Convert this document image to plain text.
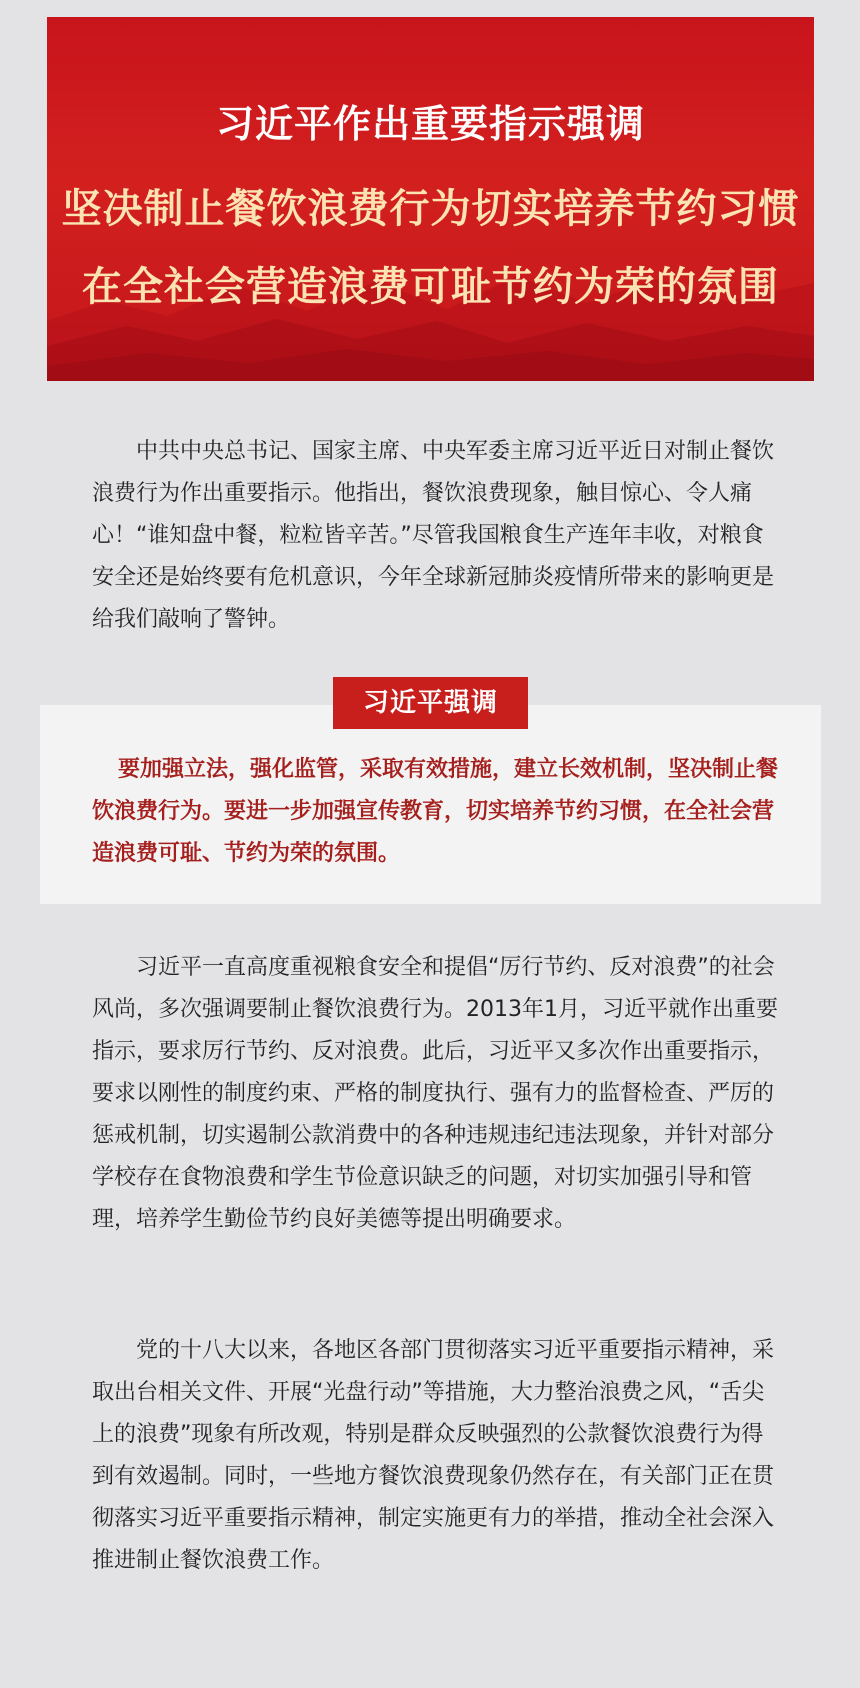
习近平作出重要指示强调
坚决制止餐饮浪费行为切实培养节约习惯
在全社会营造浪费可耻节约为荣的氛围

中共中央总书记、国家主席、中央军委主席习近平近日对制止餐饮浪费行为作出重要指示。他指出，餐饮浪费现象，触目惊心、令人痛心！“谁知盘中餐，粒粒皆辛苦。”尽管我国粮食生产连年丰收，对粮食安全还是始终要有危机意识，今年全球新冠肺炎疫情所带来的影响更是给我们敲响了警钟。

习近平强调

要加强立法，强化监管，采取有效措施，建立长效机制，坚决制止餐饮浪费行为。要进一步加强宣传教育，切实培养节约习惯，在全社会营造浪费可耻、节约为荣的氛围。

习近平一直高度重视粮食安全和提倡“厉行节约、反对浪费”的社会风尚，多次强调要制止餐饮浪费行为。2013年1月，习近平就作出重要指示，要求厉行节约、反对浪费。此后，习近平又多次作出重要指示，要求以刚性的制度约束、严格的制度执行、强有力的监督检查、严厉的惩戒机制，切实遏制公款消费中的各种违规违纪违法现象，并针对部分学校存在食物浪费和学生节俭意识缺乏的问题，对切实加强引导和管理，培养学生勤俭节约良好美德等提出明确要求。

党的十八大以来，各地区各部门贯彻落实习近平重要指示精神，采取出台相关文件、开展“光盘行动”等措施，大力整治浪费之风，“舌尖上的浪费”现象有所改观，特别是群众反映强烈的公款餐饮浪费行为得到有效遏制。同时，一些地方餐饮浪费现象仍然存在，有关部门正在贯彻落实习近平重要指示精神，制定实施更有力的举措，推动全社会深入推进制止餐饮浪费工作。
